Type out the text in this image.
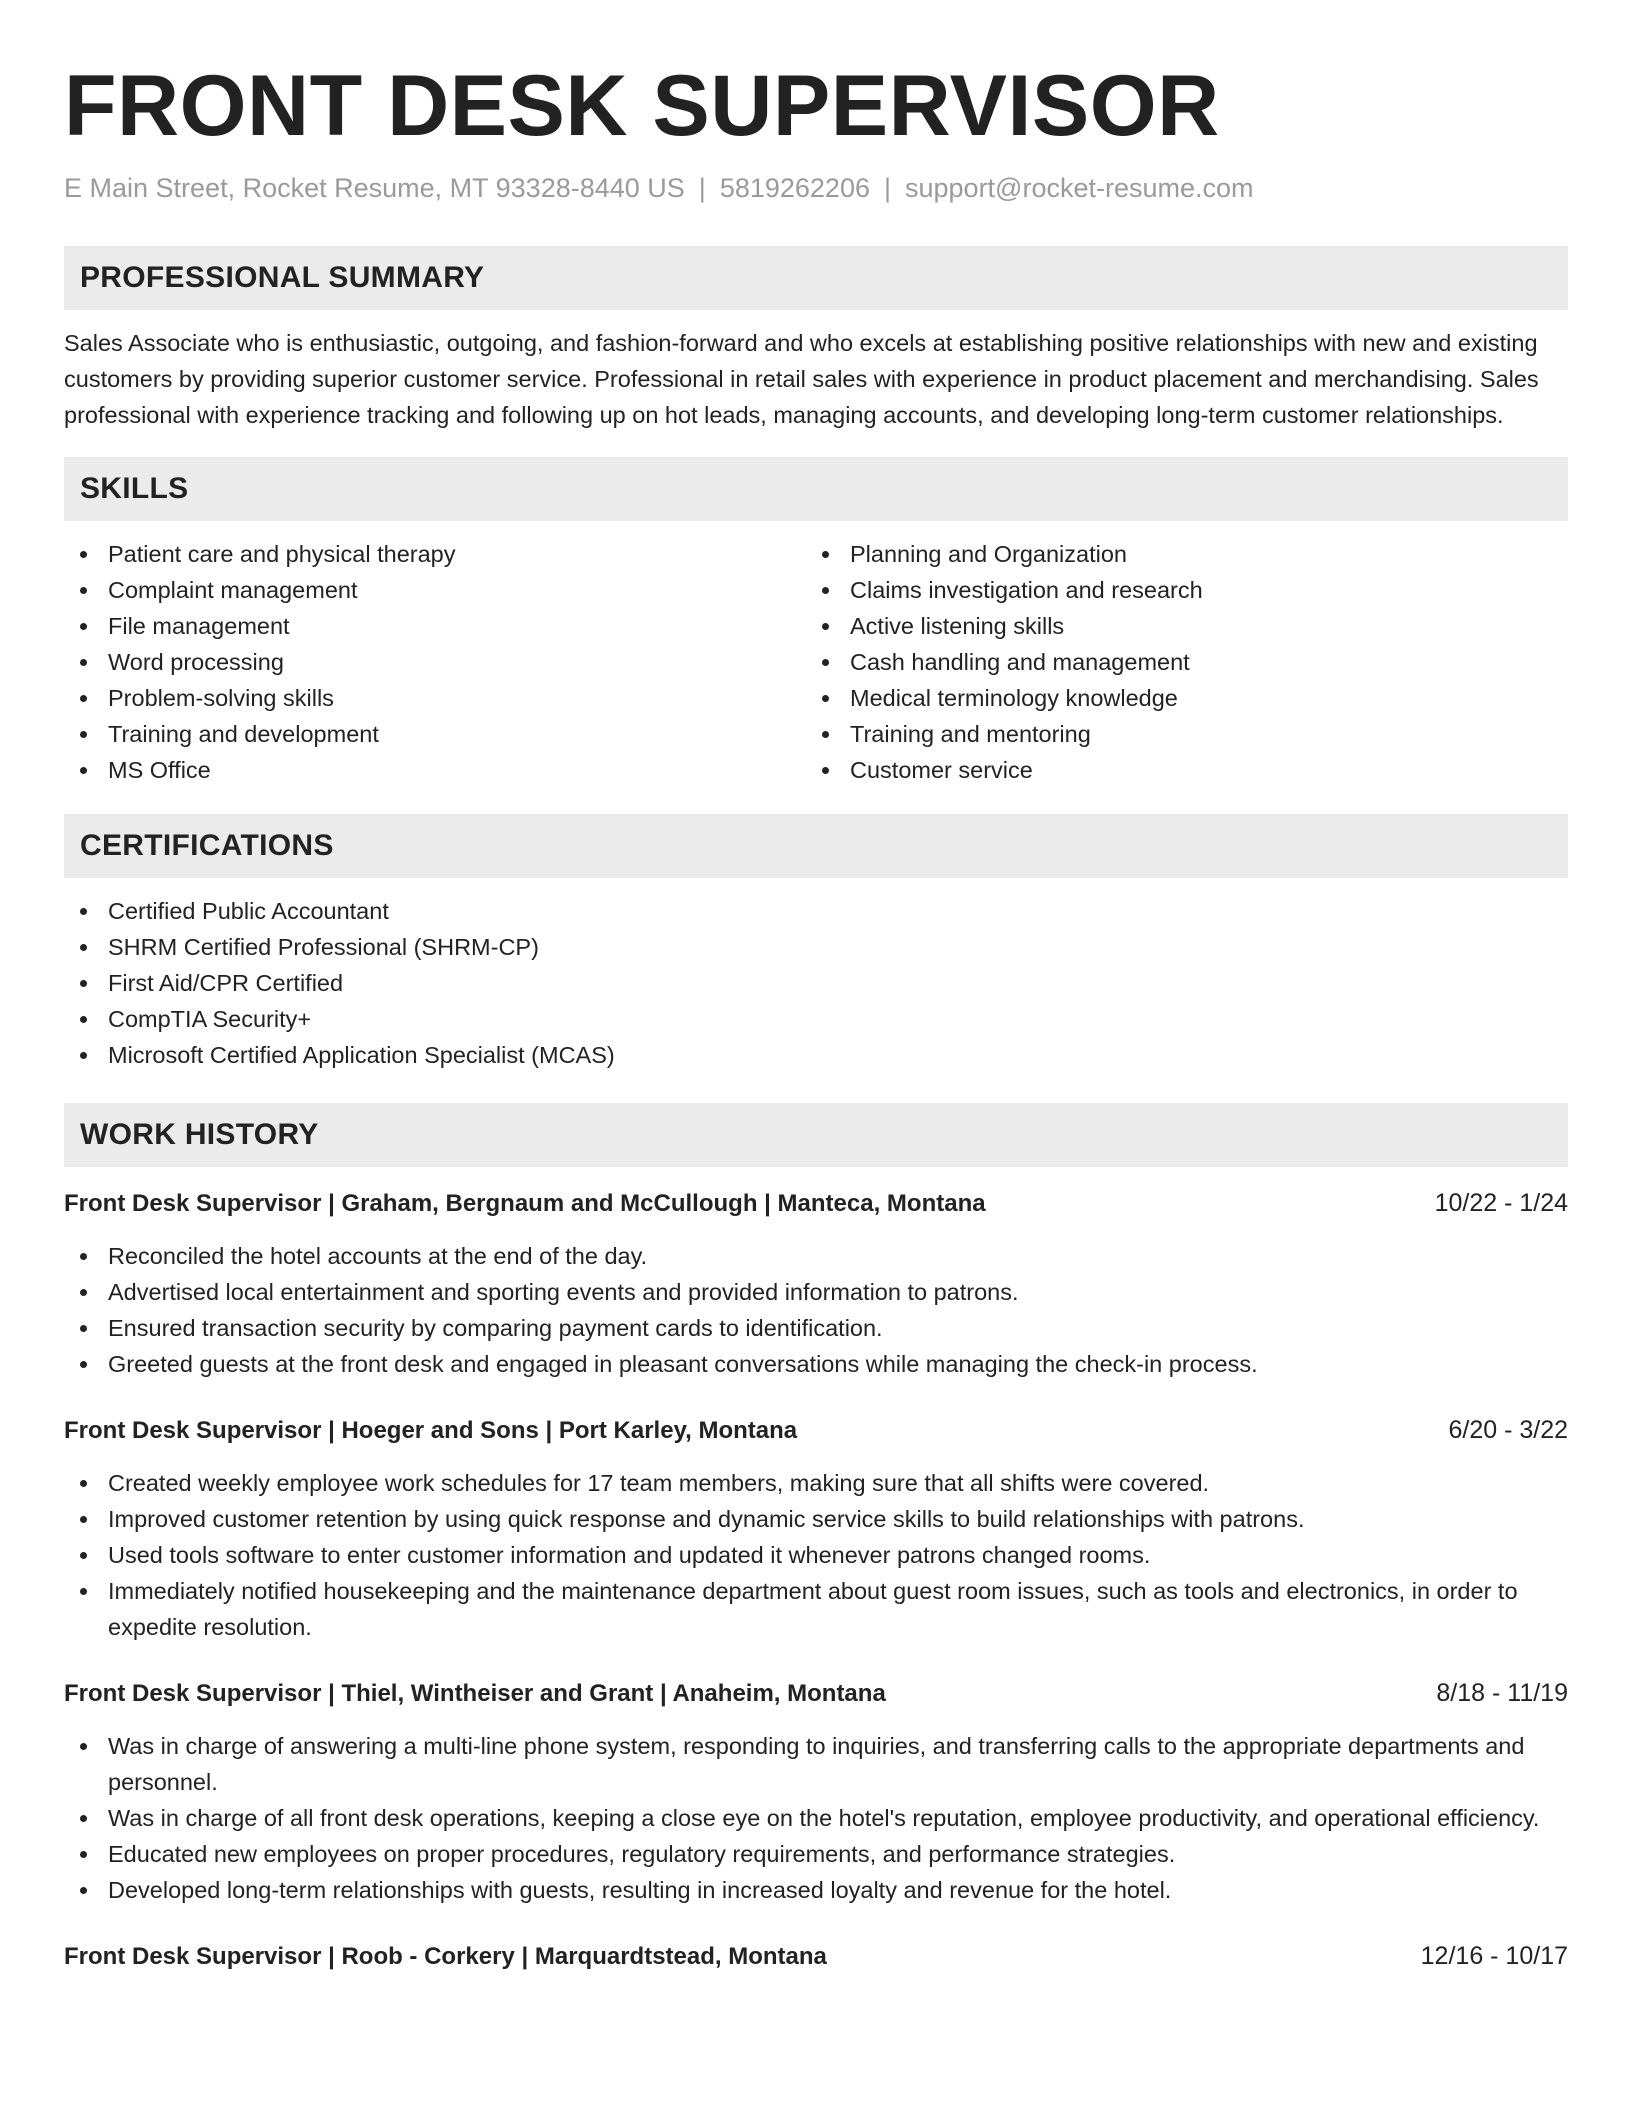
FRONT DESK SUPERVISOR
E Main Street, Rocket Resume, MT 93328-8440 US | 5819262206 | support@rocket-resume.com
PROFESSIONAL SUMMARY

Sales Associate who is enthusiastic, outgoing, and fashion-forward and who excels at establishing positive relationships with new and existing customers by providing superior customer service. Professional in retail sales with experience in product placement and merchandising. Sales professional with experience tracking and following up on hot leads, managing accounts, and developing long-term customer relationships.

SKILLS
Patient care and physical therapy
Complaint management
File management
Word processing
Problem-solving skills
Training and development
MS Office
Planning and Organization
Claims investigation and research
Active listening skills
Cash handling and management
Medical terminology knowledge
Training and mentoring
Customer service
CERTIFICATIONS
Certified Public Accountant
SHRM Certified Professional (SHRM-CP)
First Aid/CPR Certified
CompTIA Security+
Microsoft Certified Application Specialist (MCAS)
WORK HISTORY
Front Desk Supervisor | Graham, Bergnaum and McCullough | Manteca, Montana	10/22 - 1/24
Reconciled the hotel accounts at the end of the day.
Advertised local entertainment and sporting events and provided information to patrons.
Ensured transaction security by comparing payment cards to identification.
Greeted guests at the front desk and engaged in pleasant conversations while managing the check-in process.
Front Desk Supervisor | Hoeger and Sons | Port Karley, Montana	6/20 - 3/22
Created weekly employee work schedules for 17 team members, making sure that all shifts were covered.
Improved customer retention by using quick response and dynamic service skills to build relationships with patrons.
Used tools software to enter customer information and updated it whenever patrons changed rooms.
Immediately notified housekeeping and the maintenance department about guest room issues, such as tools and electronics, in order to expedite resolution.
Front Desk Supervisor | Thiel, Wintheiser and Grant | Anaheim, Montana	8/18 - 11/19
Was in charge of answering a multi-line phone system, responding to inquiries, and transferring calls to the appropriate departments and personnel.
Was in charge of all front desk operations, keeping a close eye on the hotel's reputation, employee productivity, and operational efficiency.
Educated new employees on proper procedures, regulatory requirements, and performance strategies.
Developed long-term relationships with guests, resulting in increased loyalty and revenue for the hotel.
Front Desk Supervisor | Roob - Corkery | Marquardtstead, Montana	12/16 - 10/17
